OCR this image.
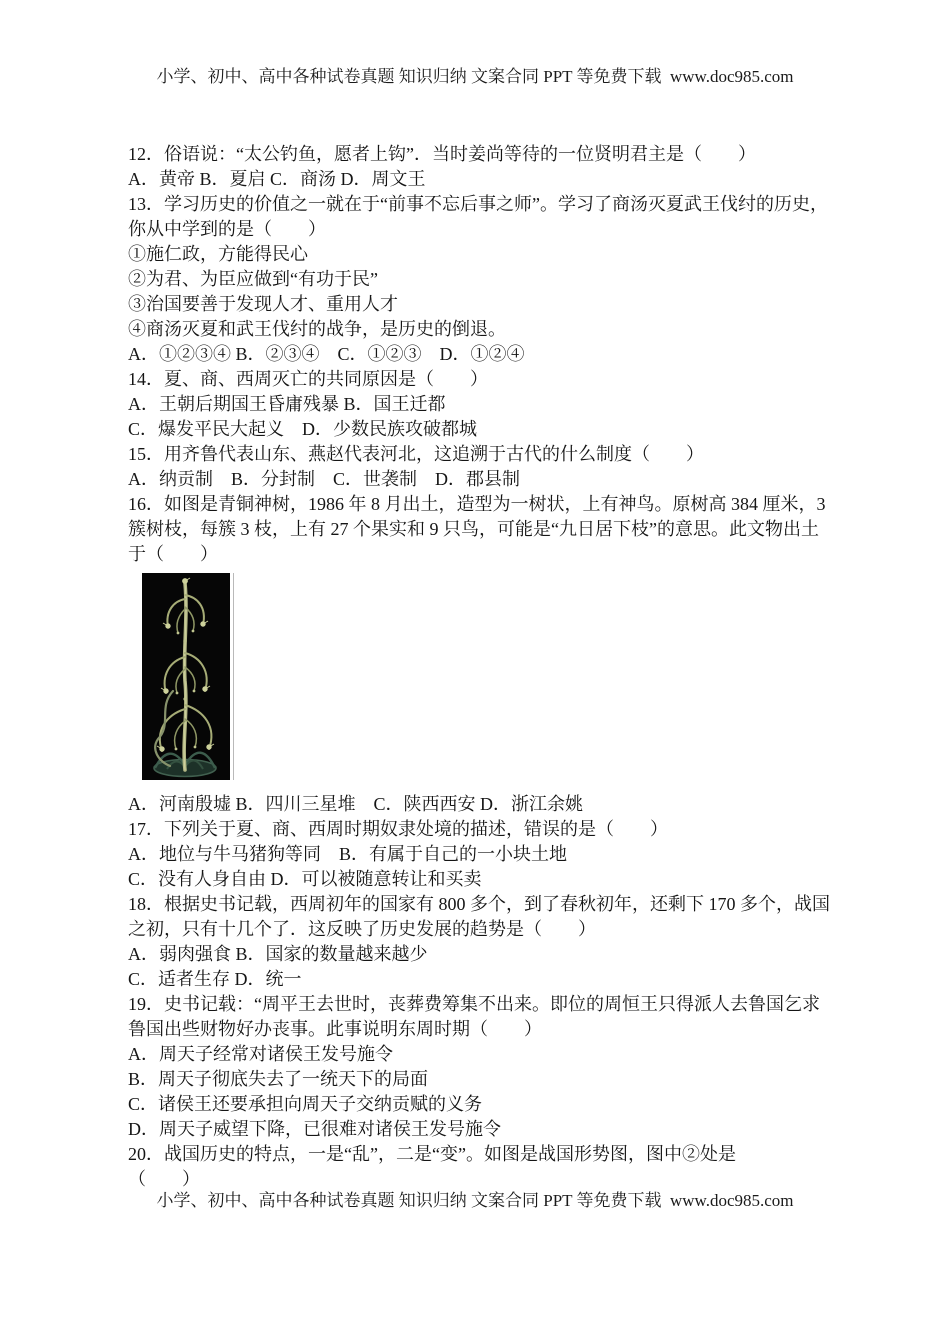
小学、初中、高中各种试卷真题 知识归纳 文案合同 PPT 等免费下载  www.doc985.com
12．俗语说：“太公钓鱼，愿者上钩”．当时姜尚等待的一位贤明君主是（　　）
A．黄帝 B．夏启 C．商汤 D．周文王
13．学习历史的价值之一就在于“前事不忘后事之师”。学习了商汤灭夏武王伐纣的历史，
你从中学到的是（　　）
①施仁政，方能得民心
②为君、为臣应做到“有功于民”
③治国要善于发现人才、重用人才
④商汤灭夏和武王伐纣的战争，是历史的倒退。
A．①②③④ B．②③④　C．①②③　D．①②④
14．夏、商、西周灭亡的共同原因是（　　）
A．王朝后期国王昏庸残暴 B．国王迁都
C．爆发平民大起义　D．少数民族攻破都城
15．用齐鲁代表山东、燕赵代表河北，这追溯于古代的什么制度（　　）
A．纳贡制　B．分封制　C．世袭制　D．郡县制
16．如图是青铜神树，1986 年 8 月出土，造型为一树状，上有神鸟。原树高 384 厘米，3
簇树枝，每簇 3 枝，上有 27 个果实和 9 只鸟，可能是“九日居下枝”的意思。此文物出土
于（　　）
A．河南殷墟 B．四川三星堆　C．陕西西安 D．浙江余姚
17．下列关于夏、商、西周时期奴隶处境的描述，错误的是（　　）
A．地位与牛马猪狗等同　B．有属于自己的一小块土地
C．没有人身自由 D．可以被随意转让和买卖
18．根据史书记载，西周初年的国家有 800 多个，到了春秋初年，还剩下 170 多个，战国
之初，只有十几个了．这反映了历史发展的趋势是（　　）
A．弱肉强食 B．国家的数量越来越少
C．适者生存 D．统一
19．史书记载：“周平王去世时，丧葬费筹集不出来。即位的周恒王只得派人去鲁国乞求
鲁国出些财物好办丧事。此事说明东周时期（　　）
A．周天子经常对诸侯王发号施令
B．周天子彻底失去了一统天下的局面
C．诸侯王还要承担向周天子交纳贡赋的义务
D．周天子威望下降，已很难对诸侯王发号施令
20．战国历史的特点，一是“乱”，二是“变”。如图是战国形势图，图中②处是
（　　）
小学、初中、高中各种试卷真题 知识归纳 文案合同 PPT 等免费下载  www.doc985.com
